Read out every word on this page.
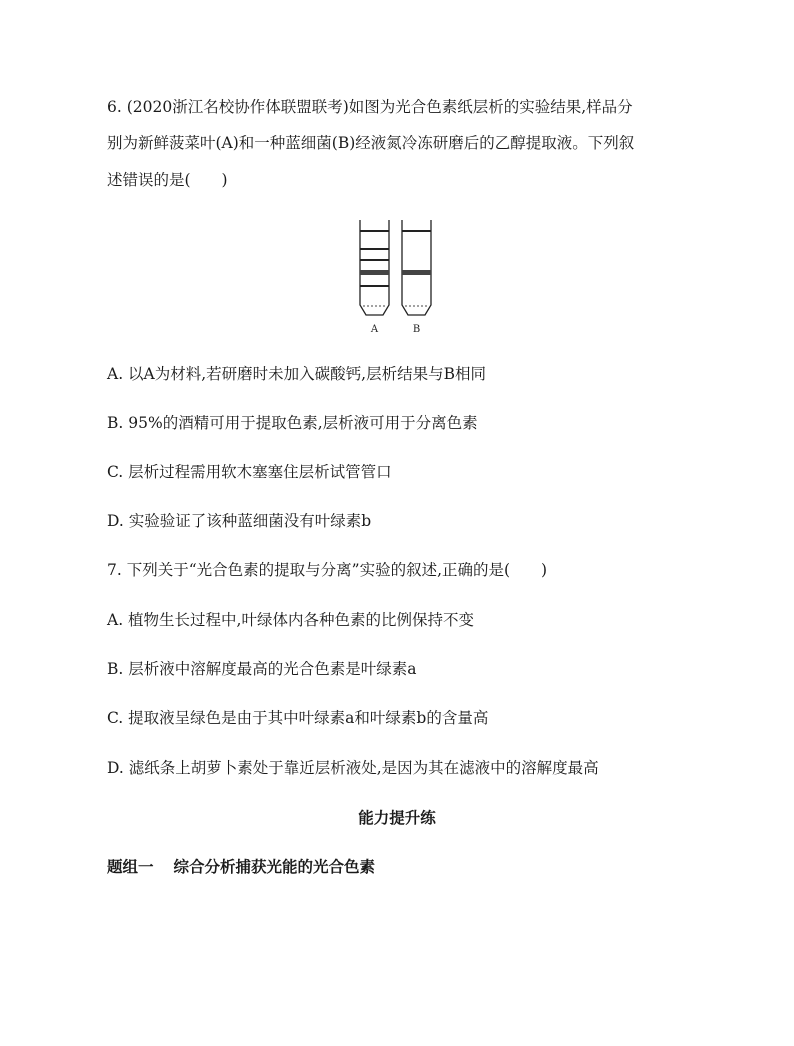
6. (2020浙江名校协作体联盟联考)如图为光合色素纸层析的实验结果,样品分
别为新鲜菠菜叶(A)和一种蓝细菌(B)经液氮冷冻研磨后的乙醇提取液。下列叙
述错误的是(　　)
A	B
A. 以A为材料,若研磨时未加入碳酸钙,层析结果与B相同
B. 95%的酒精可用于提取色素,层析液可用于分离色素
C. 层析过程需用软木塞塞住层析试管管口
D. 实验验证了该种蓝细菌没有叶绿素b
7. 下列关于“光合色素的提取与分离”实验的叙述,正确的是(　　)
A. 植物生长过程中,叶绿体内各种色素的比例保持不变
B. 层析液中溶解度最高的光合色素是叶绿素a
C. 提取液呈绿色是由于其中叶绿素a和叶绿素b的含量高
D. 滤纸条上胡萝卜素处于靠近层析液处,是因为其在滤液中的溶解度最高
能力提升练
题组一 综合分析捕获光能的光合色素
